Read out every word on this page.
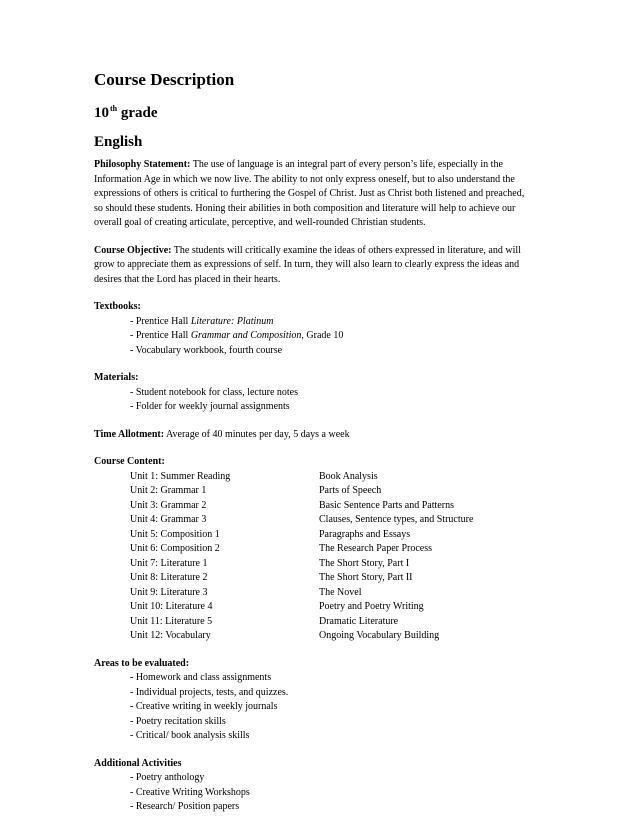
Course Description
10th grade
English
Philosophy Statement: The use of language is an integral part of every person’s life, especially in the
Information Age in which we now live. The ability to not only express oneself, but to also understand the
expressions of others is critical to furthering the Gospel of Christ. Just as Christ both listened and preached,
so should these students. Honing their abilities in both composition and literature will help to achieve our
overall goal of creating articulate, perceptive, and well-rounded Christian students.
Course Objective: The students will critically examine the ideas of others expressed in literature, and will
grow to appreciate them as expressions of self. In turn, they will also learn to clearly express the ideas and
desires that the Lord has placed in their hearts.
Textbooks:
- Prentice Hall Literature: Platinum
- Prentice Hall Grammar and Composition, Grade 10
- Vocabulary workbook, fourth course
Materials:
- Student notebook for class, lecture notes
- Folder for weekly journal assignments
Time Allotment: Average of 40 minutes per day, 5 days a week
Course Content:
Unit 1: Summer Reading	Book Analysis
Unit 2: Grammar 1	Parts of Speech
Unit 3: Grammar 2	Basic Sentence Parts and Patterns
Unit 4: Grammar 3	Clauses, Sentence types, and Structure
Unit 5: Composition 1	Paragraphs and Essays
Unit 6: Composition 2	The Research Paper Process
Unit 7: Literature 1	The Short Story, Part I
Unit 8: Literature 2	The Short Story, Part II
Unit 9: Literature 3	The Novel
Unit 10: Literature 4	Poetry and Poetry Writing
Unit 11: Literature 5	Dramatic Literature
Unit 12: Vocabulary	Ongoing Vocabulary Building
Areas to be evaluated:
- Homework and class assignments
- Individual projects, tests, and quizzes.
- Creative writing in weekly journals
- Poetry recitation skills
- Critical/ book analysis skills
Additional Activities
- Poetry anthology
- Creative Writing Workshops
- Research/ Position papers
